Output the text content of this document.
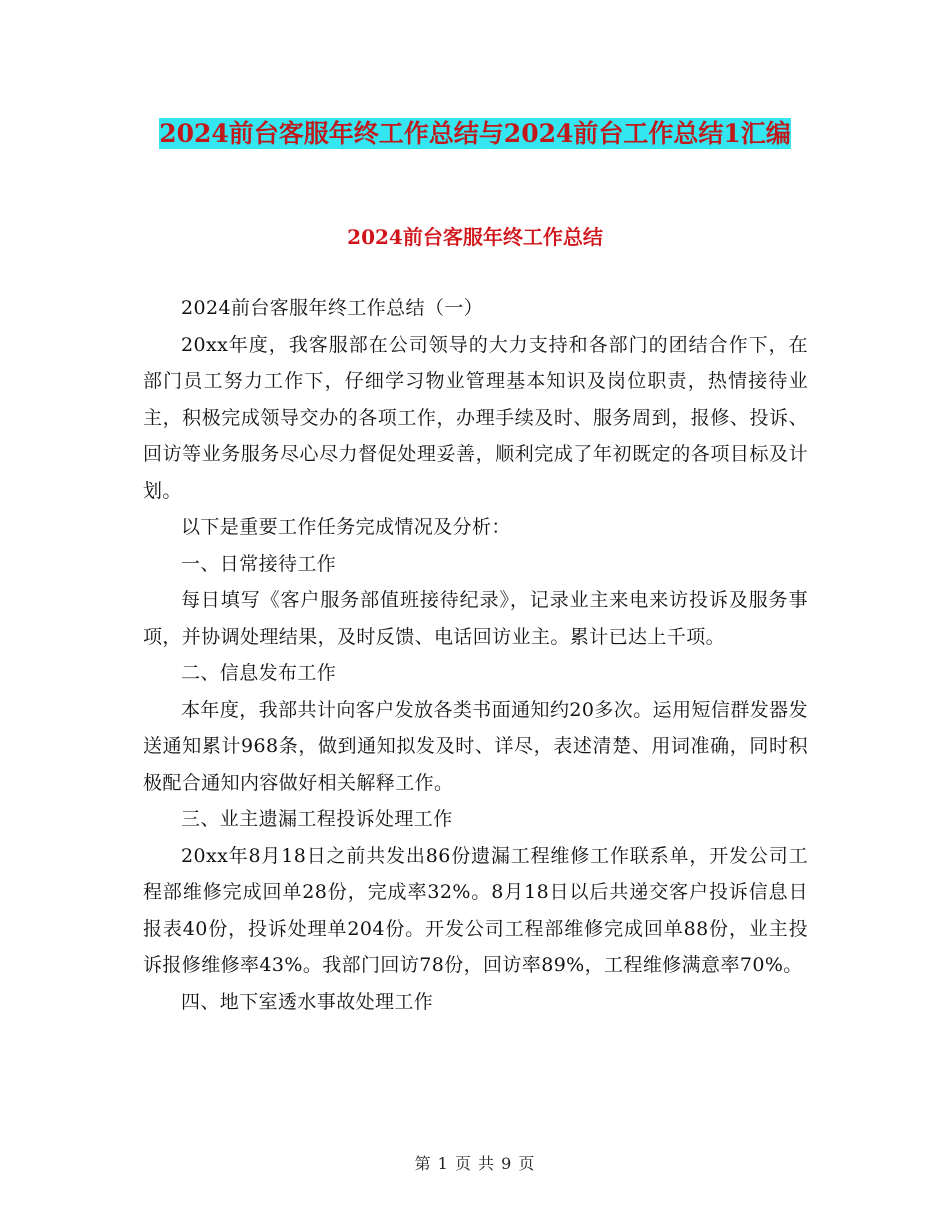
2024前台客服年终工作总结与2024前台工作总结1汇编
2024前台客服年终工作总结

2024前台客服年终工作总结（一）

20xx年度，我客服部在公司领导的大力支持和各部门的团结合作下，在部门员工努力工作下，仔细学习物业管理基本知识及岗位职责，热情接待业主，积极完成领导交办的各项工作，办理手续及时、服务周到，报修、投诉、回访等业务服务尽心尽力督促处理妥善，顺利完成了年初既定的各项目标及计划。

以下是重要工作任务完成情况及分析：

一、日常接待工作

每日填写《客户服务部值班接待纪录》，记录业主来电来访投诉及服务事项，并协调处理结果，及时反馈、电话回访业主。累计已达上千项。

二、信息发布工作

本年度，我部共计向客户发放各类书面通知约20多次。运用短信群发器发送通知累计968条，做到通知拟发及时、详尽，表述清楚、用词准确，同时积极配合通知内容做好相关解释工作。

三、业主遗漏工程投诉处理工作

20xx年8月18日之前共发出86份遗漏工程维修工作联系单，开发公司工程部维修完成回单28份，完成率32%。8月18日以后共递交客户投诉信息日报表40份，投诉处理单204份。开发公司工程部维修完成回单88份，业主投诉报修维修率43%。我部门回访78份，回访率89%，工程维修满意率70%。

四、地下室透水事故处理工作

第 1 页 共 9 页
